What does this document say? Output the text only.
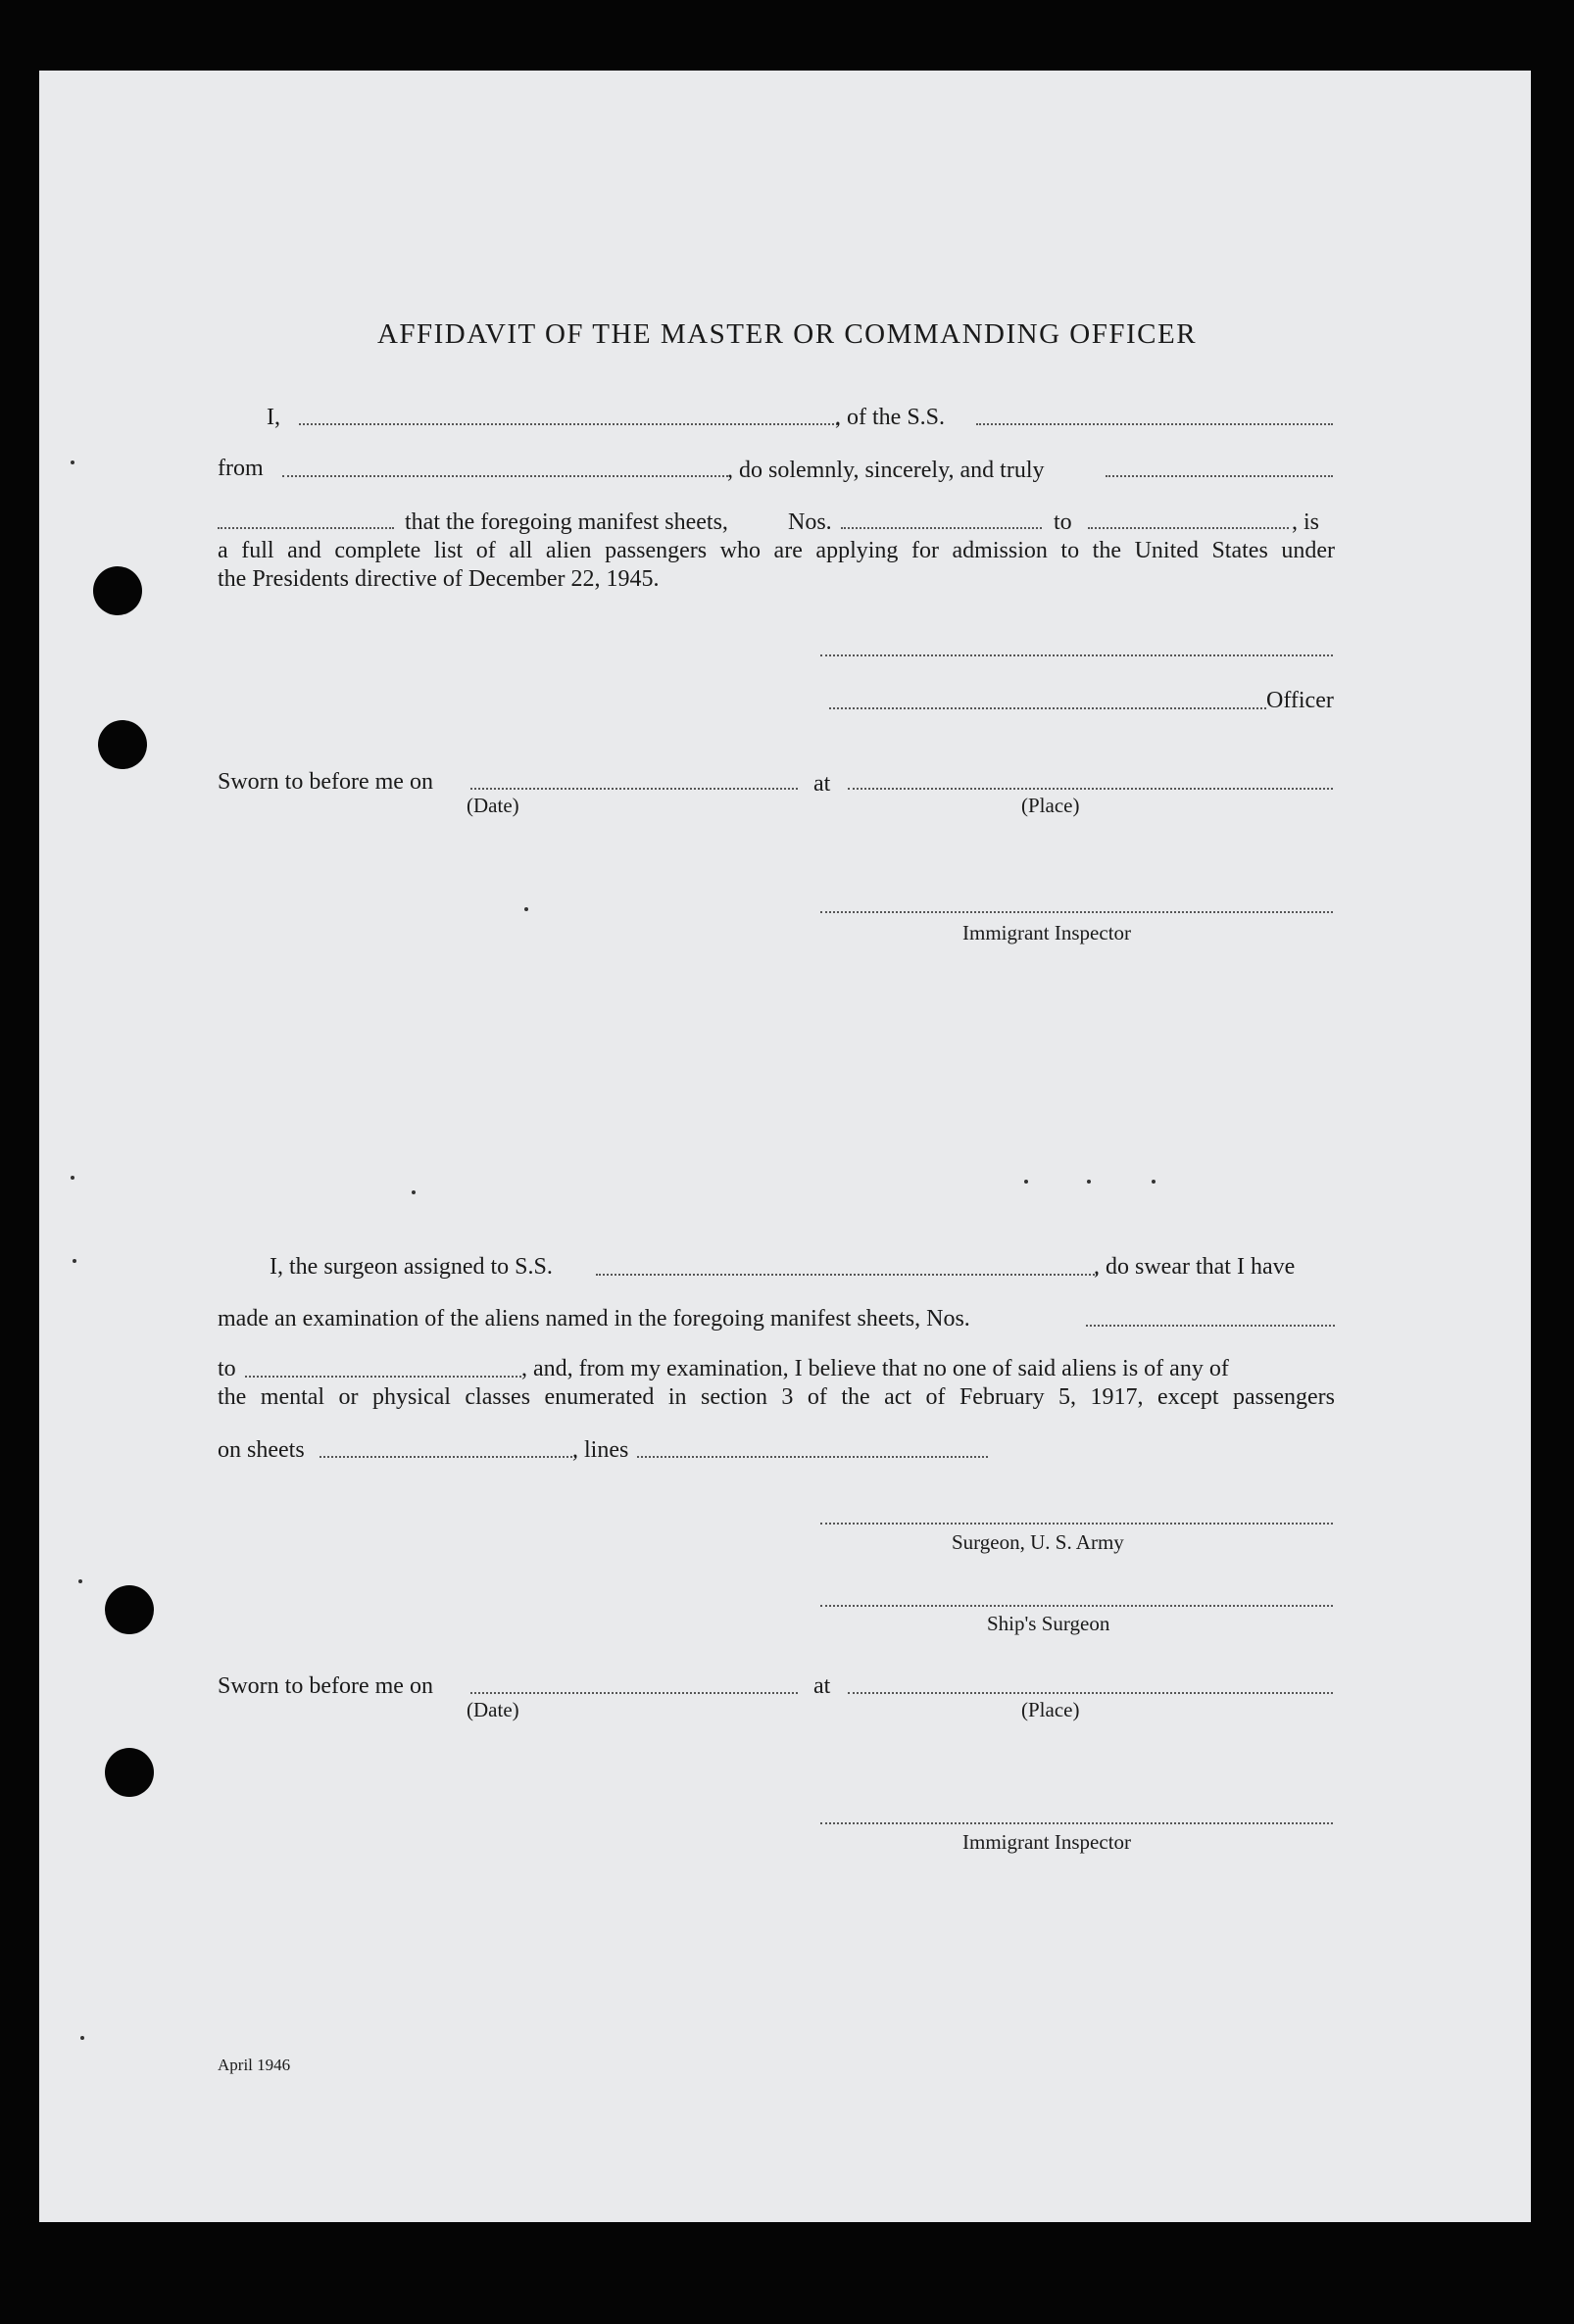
AFFIDAVIT OF THE MASTER OR COMMANDING OFFICER
I,	, of the S.S.
from	, do solemnly, sincerely, and truly
that the foregoing manifest sheets,	Nos.	to	, is
a full and complete list of all alien passengers who are applying for admission to the United States under
the Presidents directive of December 22, 1945.
Officer
Sworn to before me on	at
(Date)	(Place)
Immigrant Inspector
I, the surgeon assigned to S.S.	, do swear that I have
made an examination of the aliens named in the foregoing manifest sheets, Nos.
to	, and, from my examination, I believe that no one of said aliens is of any of
the mental or physical classes enumerated in section 3 of the act of February 5, 1917, except passengers
on sheets	, lines
Surgeon, U. S. Army
Ship's Surgeon
Sworn to before me on	at
(Date)	(Place)
Immigrant Inspector
April 1946
